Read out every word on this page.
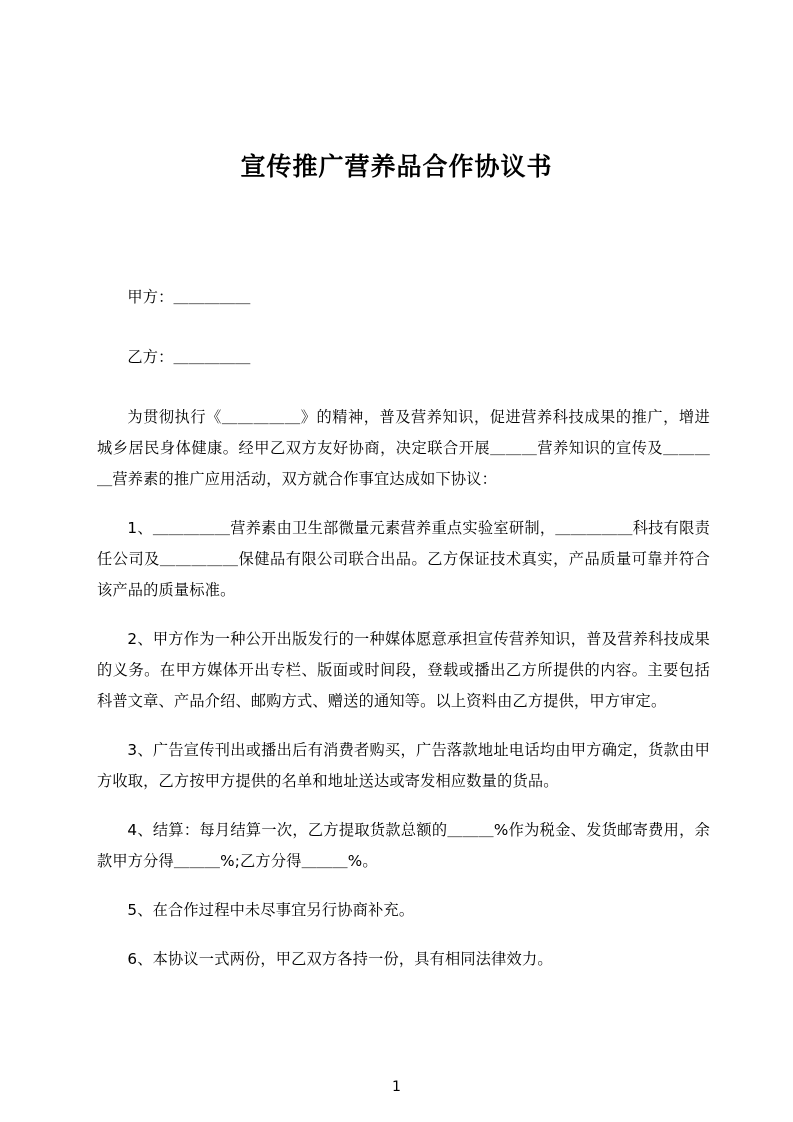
宣传推广营养品合作协议书

甲方：＿＿＿＿＿

乙方：＿＿＿＿＿

为贯彻执行《＿＿＿＿＿》的精神，普及营养知识，促进营养科技成果的推广，增进城乡居民身体健康。经甲乙双方友好协商，决定联合开展＿＿＿营养知识的宣传及＿＿＿＿营养素的推广应用活动，双方就合作事宜达成如下协议：

1、＿＿＿＿＿营养素由卫生部微量元素营养重点实验室研制，＿＿＿＿＿科技有限责任公司及＿＿＿＿＿保健品有限公司联合出品。乙方保证技术真实，产品质量可靠并符合该产品的质量标准。

2、甲方作为一种公开出版发行的一种媒体愿意承担宣传营养知识，普及营养科技成果的义务。在甲方媒体开出专栏、版面或时间段，登载或播出乙方所提供的内容。主要包括科普文章、产品介绍、邮购方式、赠送的通知等。以上资料由乙方提供，甲方审定。

3、广告宣传刊出或播出后有消费者购买，广告落款地址电话均由甲方确定，货款由甲方收取，乙方按甲方提供的名单和地址送达或寄发相应数量的货品。

4、结算：每月结算一次，乙方提取货款总额的＿＿＿%作为税金、发货邮寄费用，余款甲方分得＿＿＿%;乙方分得＿＿＿%。

5、在合作过程中未尽事宜另行协商补充。

6、本协议一式两份，甲乙双方各持一份，具有相同法律效力。

1
